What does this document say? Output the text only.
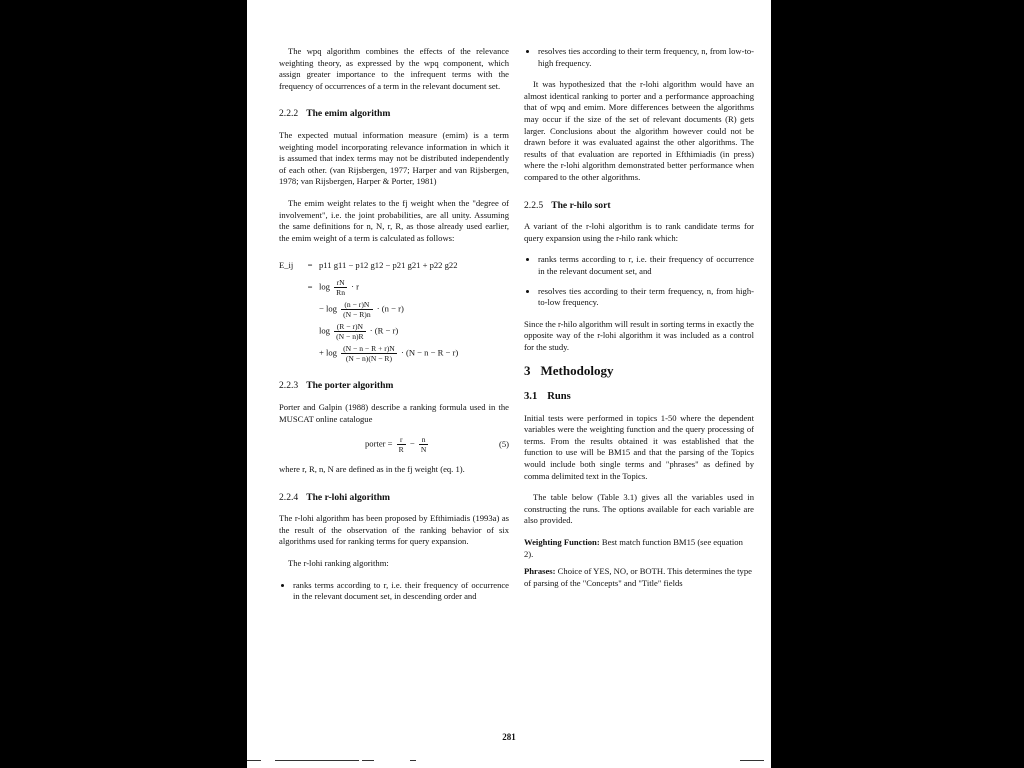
The wpq algorithm combines the effects of the relevance weighting theory, as expressed by the wpq component, which assign greater importance to the infrequent terms with the frequency of occurrences of a term in the relevant document set.

2.2.2 The emim algorithm

The expected mutual information measure (emim) is a term weighting model incorporating relevance information in which it is assumed that index terms may not be distributed independently of each other. (van Rijsbergen, 1977; Harper and van Rijsbergen, 1978; van Rijsbergen, Harper & Porter, 1981)

The emim weight relates to the fj weight when the "degree of involvement", i.e. the joint probabilities, are all unity. Assuming the same definitions for n, N, r, R, as those already used earlier, the emim weight of a term is calculated as follows:

E_ij	= p11 g11 − p12 g12 − p21 g21 + p22 g22
= $\log \frac{rN}{Rn} \cdot r$
− $\log \frac{(n - r)N}{(N - R)n} \cdot (n - r)$
$\log \frac{(R - r)N}{(N - n)R} \cdot (R - r)$
+ $\log \frac{(N - n - R + r)N}{(N - n)(N - R)} \cdot (N - n - R - r)$
2.2.3 The porter algorithm

Porter and Galpin (1988) describe a ranking formula used in the MUSCAT online catalogue

porter = $\frac{r}{R} - \frac{n}{N}$	(5)

where r, R, n, N are defined as in the fj weight (eq. 1).

2.2.4 The r-lohi algorithm

The r-lohi algorithm has been proposed by Efthimiadis (1993a) as the result of the observation of the ranking behavior of six algorithms used for ranking terms for query expansion.

The r-lohi ranking algorithm:

• ranks terms according to r, i.e. their frequency of occurrence in the relevant document set, in descending order and
• resolves ties according to their term frequency, n, from low-to-high frequency.

It was hypothesized that the r-lohi algorithm would have an almost identical ranking to porter and a performance approaching that of wpq and emim. More differences between the algorithms may occur if the size of the set of relevant documents (R) gets larger. Conclusions about the algorithm however could not be drawn before it was evaluated against the other algorithms. The results of that evaluation are reported in Efthimiadis (in press) where the r-lohi algorithm demonstrated better performance when compared to the other algorithms.

2.2.5 The r-hilo sort

A variant of the r-lohi algorithm is to rank candidate terms for query expansion using the r-hilo rank which:

• ranks terms according to r, i.e. their frequency of occurrence in the relevant document set, and
• resolves ties according to their term frequency, n, from high-to-low frequency.

Since the r-hilo algorithm will result in sorting terms in exactly the opposite way of the r-lohi algorithm it was included as a control for the study.

3 Methodology
3.1 Runs

Initial tests were performed in topics 1-50 where the dependent variables were the weighting function and the query processing of terms. From the results obtained it was established that the function to use will be BM15 and that the parsing of the Topics would include both single terms and "phrases" as defined by comma delimited text in the Topics.

The table below (Table 3.1) gives all the variables used in constructing the runs. The options available for each variable are also provided.

Weighting Function: Best match function BM15 (see equation 2).
Phrases: Choice of YES, NO, or BOTH. This determines the type of parsing of the "Concepts" and "Title" fields
281
